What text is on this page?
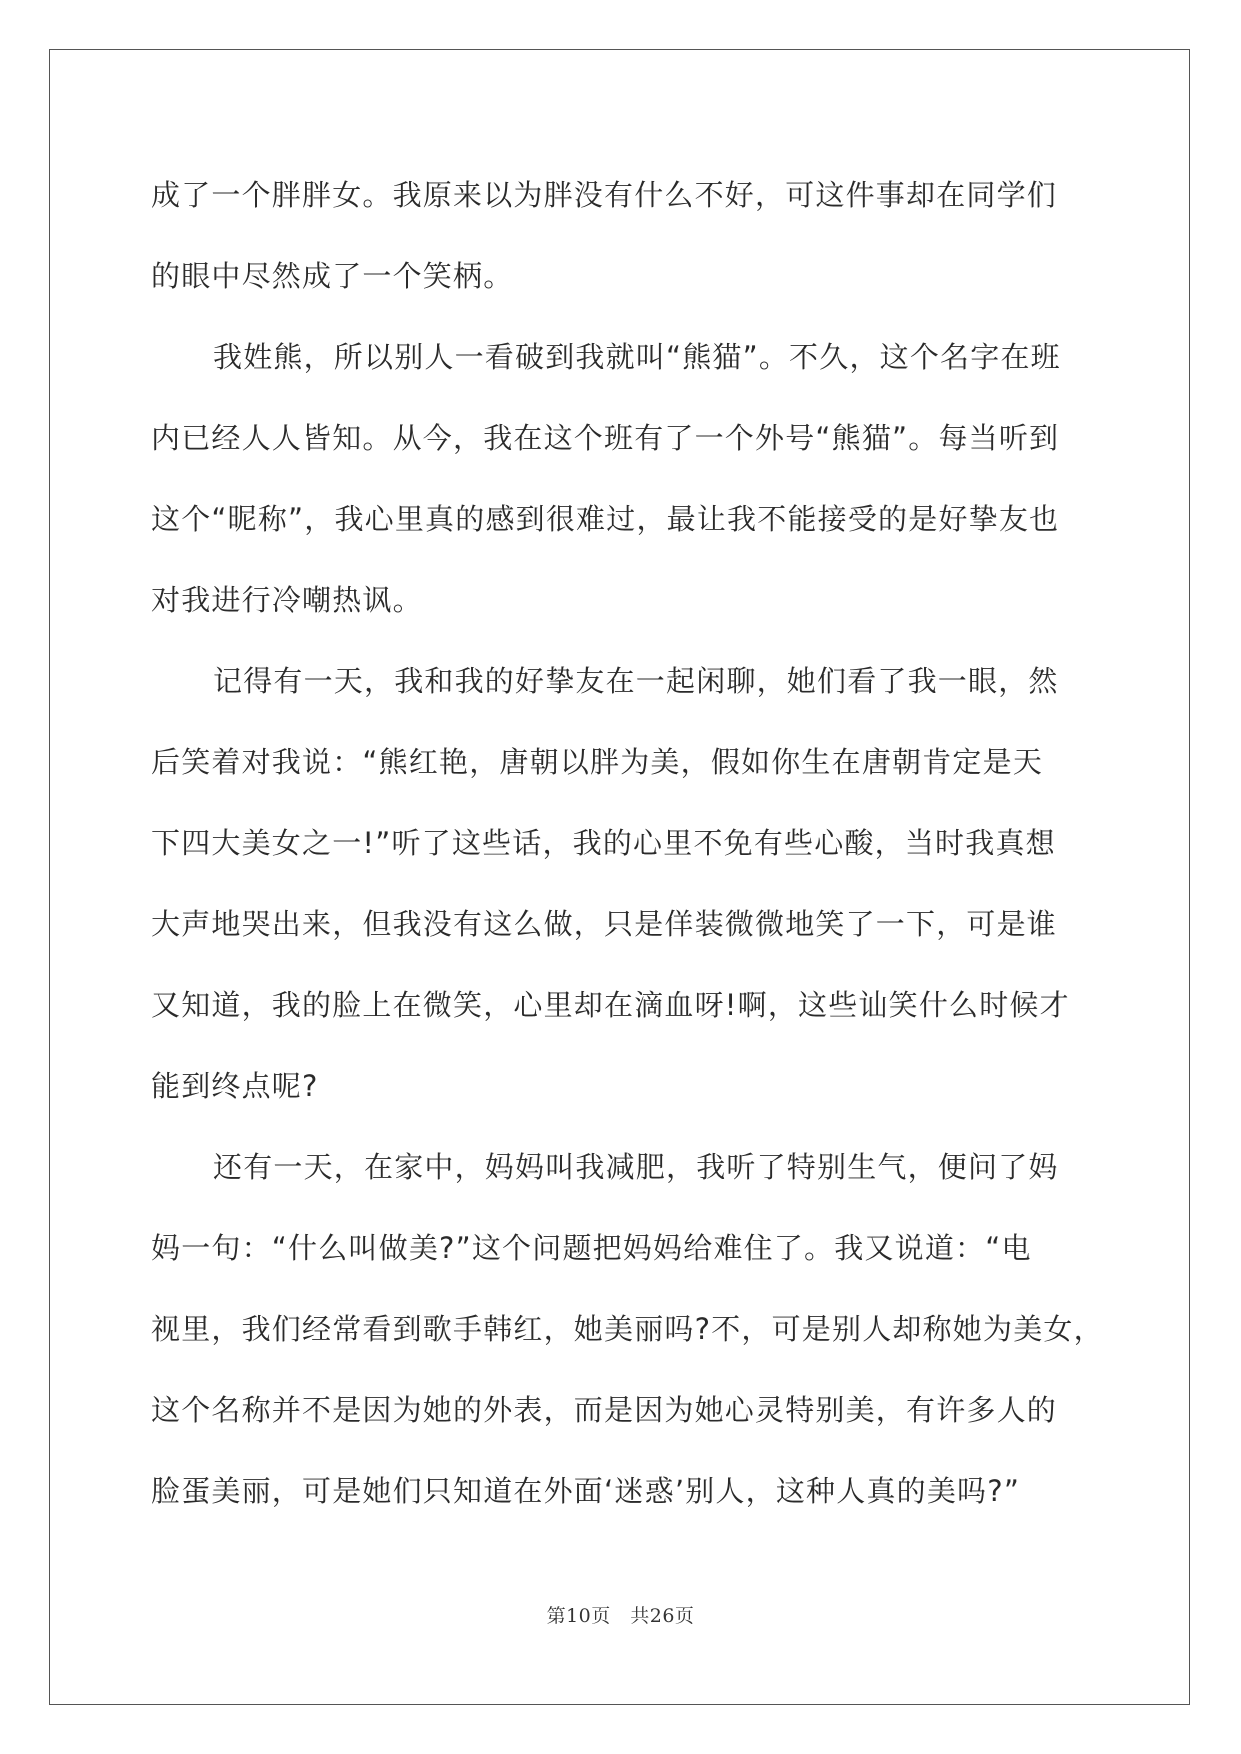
成了一个胖胖女。我原来以为胖没有什么不好，可这件事却在同学们
的眼中尽然成了一个笑柄。
我姓熊，所以别人一看破到我就叫“熊猫”。不久，这个名字在班
内已经人人皆知。从今，我在这个班有了一个外号“熊猫”。每当听到
这个“昵称”，我心里真的感到很难过，最让我不能接受的是好挚友也
对我进行冷嘲热讽。
记得有一天，我和我的好挚友在一起闲聊，她们看了我一眼，然
后笑着对我说：“熊红艳，唐朝以胖为美，假如你生在唐朝肯定是天
下四大美女之一!”听了这些话，我的心里不免有些心酸，当时我真想
大声地哭出来，但我没有这么做，只是佯装微微地笑了一下，可是谁
又知道，我的脸上在微笑，心里却在滴血呀!啊，这些讪笑什么时候才
能到终点呢?
还有一天，在家中，妈妈叫我减肥，我听了特别生气，便问了妈
妈一句：“什么叫做美?”这个问题把妈妈给难住了。我又说道：“电
视里，我们经常看到歌手韩红，她美丽吗?不，可是别人却称她为美女，
这个名称并不是因为她的外表，而是因为她心灵特别美，有许多人的
脸蛋美丽，可是她们只知道在外面‘迷惑’别人，这种人真的美吗?”
第10页　共26页
